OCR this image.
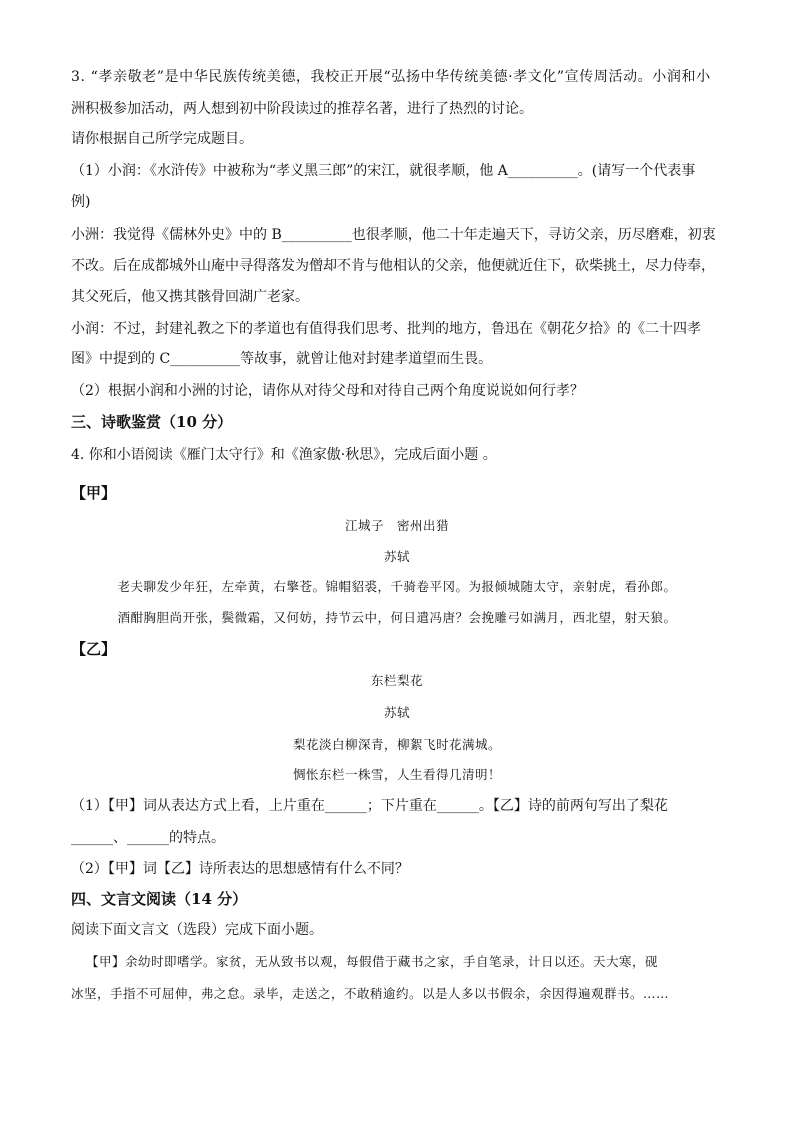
3. “孝亲敬老”是中华民族传统美德，我校正开展“弘扬中华传统美德·孝文化”宣传周活动。小润和小
洲积极参加活动，两人想到初中阶段读过的推荐名著，进行了热烈的讨论。
请你根据自己所学完成题目。
（1）小润：《水浒传》中被称为“孝义黑三郎”的宋江，就很孝顺，他 A__________。(请写一个代表事
例)
小洲：我觉得《儒林外史》中的 B__________也很孝顺，他二十年走遍天下，寻访父亲，历尽磨难，初衷
不改。后在成都城外山庵中寻得落发为僧却不肯与他相认的父亲，他便就近住下，砍柴挑土，尽力侍奉，
其父死后，他又携其骸骨回湖广老家。
小润：不过，封建礼教之下的孝道也有值得我们思考、批判的地方，鲁迅在《朝花夕拾》的《二十四孝
图》中提到的 C__________等故事，就曾让他对封建孝道望而生畏。
（2）根据小润和小洲的讨论，请你从对待父母和对待自己两个角度说说如何行孝？
三、诗歌鉴赏（10 分）
4. 你和小语阅读《雁门太守行》和《渔家傲·秋思》，完成后面小题 。
【甲】
江城子　密州出猎
苏轼
老夫聊发少年狂，左牵黄，右擎苍。锦帽貂裘，千骑卷平冈。为报倾城随太守，亲射虎，看孙郎。
酒酣胸胆尚开张，鬓微霜，又何妨，持节云中，何日遣冯唐？会挽雕弓如满月，西北望，射天狼。
【乙】
东栏梨花
苏轼
梨花淡白柳深青，柳絮飞时花满城。
惆怅东栏一株雪，人生看得几清明！
（1）【甲】词从表达方式上看，上片重在______；下片重在______。【乙】诗的前两句写出了梨花
______、______的特点。
（2）【甲】词【乙】诗所表达的思想感情有什么不同？
四、文言文阅读（14 分）
阅读下面文言文（选段）完成下面小题。
【甲】余幼时即嗜学。家贫，无从致书以观，每假借于藏书之家，手自笔录，计日以还。天大寒，砚
冰坚，手指不可屈伸，弗之怠。录毕，走送之，不敢稍逾约。以是人多以书假余，余因得遍观群书。……
